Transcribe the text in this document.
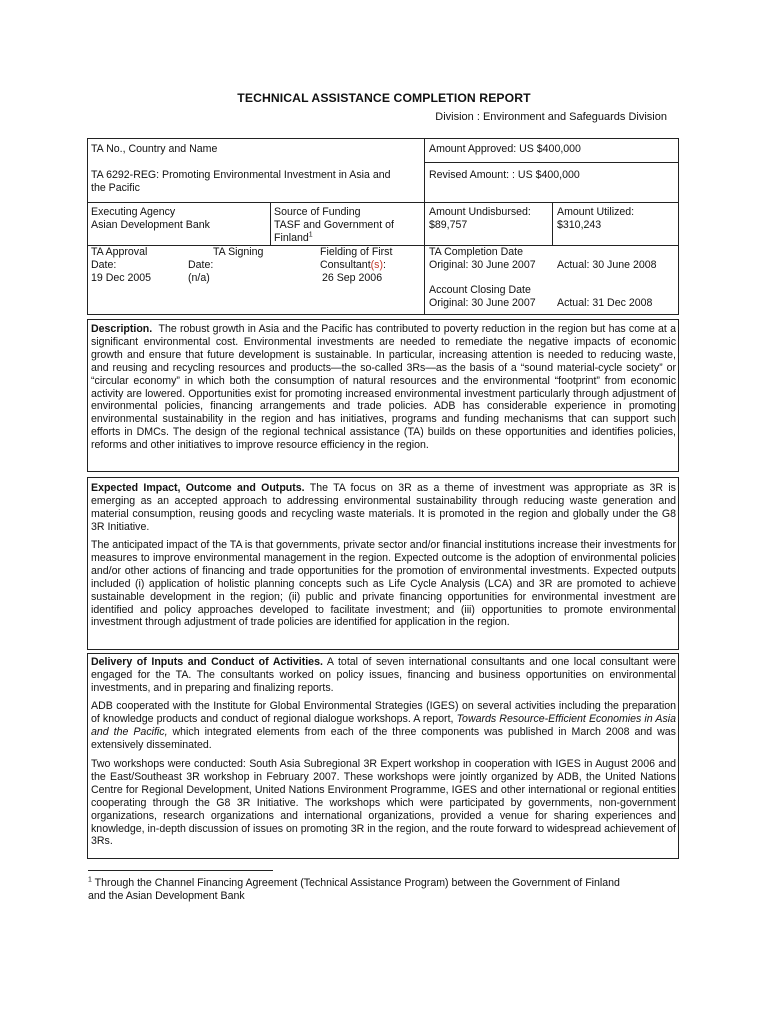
TECHNICAL ASSISTANCE COMPLETION REPORT
Division : Environment and Safeguards Division
TA No., Country and Name
TA 6292-REG: Promoting Environmental Investment in Asia and
the Pacific
Amount Approved: US $400,000
Revised Amount: : US $400,000
Executing Agency
Asian Development Bank
Source of Funding
TASF and Government of
Finland$^1$
Amount Undisbursed:
$89,757
Amount Utilized:
$310,243
TA Approval
Date:
19 Dec 2005
TA Signing
Date:
(n/a)
Fielding of First
Consultant(s):
26 Sep 2006
TA Completion Date
Original: 30 June 2007 Actual: 30 June 2008
Account Closing Date
Original: 30 June 2007 Actual: 31 Dec 2008
Description. The robust growth in Asia and the Pacific has contributed to poverty reduction in the region but has come at a significant environmental cost. Environmental investments are needed to remediate the negative impacts of economic growth and ensure that future development is sustainable. In particular, increasing attention is needed to reducing waste, and reusing and recycling resources and products—the so-called 3Rs—as the basis of a “sound material-cycle society” or “circular economy” in which both the consumption of natural resources and the environmental “footprint” from economic activity are lowered. Opportunities exist for promoting increased environmental investment particularly through adjustment of environmental policies, financing arrangements and trade policies. ADB has considerable experience in promoting environmental sustainability in the region and has initiatives, programs and funding mechanisms that can support such efforts in DMCs. The design of the regional technical assistance (TA) builds on these opportunities and identifies policies, reforms and other initiatives to improve resource efficiency in the region.
Expected Impact, Outcome and Outputs. The TA focus on 3R as a theme of investment was appropriate as 3R is emerging as an accepted approach to addressing environmental sustainability through reducing waste generation and material consumption, reusing goods and recycling waste materials. It is promoted in the region and globally under the G8 3R Initiative.
The anticipated impact of the TA is that governments, private sector and/or financial institutions increase their investments for measures to improve environmental management in the region. Expected outcome is the adoption of environmental policies and/or other actions of financing and trade opportunities for the promotion of environmental investments. Expected outputs included (i) application of holistic planning concepts such as Life Cycle Analysis (LCA) and 3R are promoted to achieve sustainable development in the region; (ii) public and private financing opportunities for environmental investment are identified and policy approaches developed to facilitate investment; and (iii) opportunities to promote environmental investment through adjustment of trade policies are identified for application in the region.
Delivery of Inputs and Conduct of Activities. A total of seven international consultants and one local consultant were engaged for the TA. The consultants worked on policy issues, financing and business opportunities on environmental investments, and in preparing and finalizing reports.
ADB cooperated with the Institute for Global Environmental Strategies (IGES) on several activities including the preparation of knowledge products and conduct of regional dialogue workshops. A report, Towards Resource-Efficient Economies in Asia and the Pacific, which integrated elements from each of the three components was published in March 2008 and was extensively disseminated.
Two workshops were conducted: South Asia Subregional 3R Expert workshop in cooperation with IGES in August 2006 and the East/Southeast 3R workshop in February 2007. These workshops were jointly organized by ADB, the United Nations Centre for Regional Development, United Nations Environment Programme, IGES and other international or regional entities cooperating through the G8 3R Initiative. The workshops which were participated by governments, non-government organizations, research organizations and international organizations, provided a venue for sharing experiences and knowledge, in-depth discussion of issues on promoting 3R in the region, and the route forward to widespread achievement of 3Rs.
$^1$ Through the Channel Financing Agreement (Technical Assistance Program) between the Government of Finland
and the Asian Development Bank
